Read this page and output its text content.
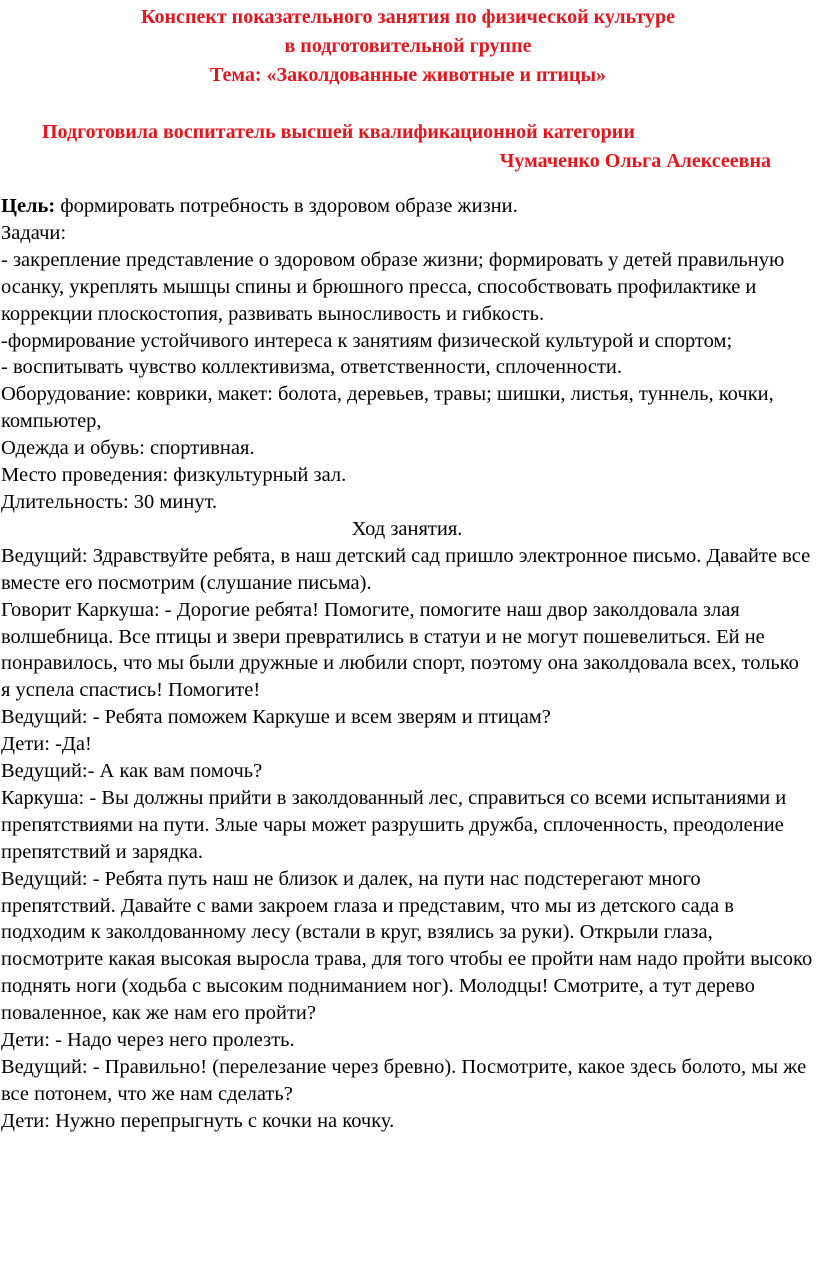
Конспект показательного занятия по физической культуре
в подготовительной группе
Тема: «Заколдованные животные и птицы»
Подготовила воспитатель высшей квалификационной категории
Чумаченко Ольга Алексеевна

Цель: формировать потребность в здоровом образе жизни.

Задачи:

- закрепление представление о здоровом образе жизни; формировать у детей правильную осанку, укреплять мышцы спины и брюшного пресса, способствовать профилактике и коррекции плоскостопия, развивать выносливость и гибкость.

-формирование устойчивого интереса к занятиям физической культурой и спортом;

- воспитывать чувство коллективизма, ответственности, сплоченности.

Оборудование: коврики, макет: болота, деревьев, травы; шишки, листья, туннель, кочки, компьютер,

Одежда и обувь: спортивная.

Место проведения: физкультурный зал.

Длительность: 30 минут.

Ход занятия.

Ведущий: Здравствуйте ребята, в наш детский сад пришло электронное письмо. Давайте все вместе его посмотрим (слушание письма).

Говорит Каркуша: - Дорогие ребята! Помогите, помогите наш двор заколдовала злая волшебница. Все птицы и звери превратились в статуи и не могут пошевелиться. Ей не понравилось, что мы были дружные и любили спорт, поэтому она заколдовала всех, только я успела спастись! Помогите!

Ведущий: - Ребята поможем Каркуше и всем зверям и птицам?

Дети: -Да!

Ведущий:- А как вам помочь?

Каркуша: - Вы должны прийти в заколдованный лес, справиться со всеми испытаниями и препятствиями на пути. Злые чары может разрушить дружба, сплоченность, преодоление препятствий и зарядка.

Ведущий: - Ребята путь наш не близок и далек, на пути нас подстерегают много препятствий. Давайте с вами закроем глаза и представим, что мы из детского сада в подходим к заколдованному лесу (встали в круг, взялись за руки). Открыли глаза, посмотрите какая высокая выросла трава, для того чтобы ее пройти нам надо пройти высоко поднять ноги (ходьба с высоким подниманием ног). Молодцы! Смотрите, а тут дерево поваленное, как же нам его пройти?

Дети: - Надо через него пролезть.

Ведущий: - Правильно! (перелезание через бревно). Посмотрите, какое здесь болото, мы же все потонем, что же нам сделать?

Дети: Нужно перепрыгнуть с кочки на кочку.
